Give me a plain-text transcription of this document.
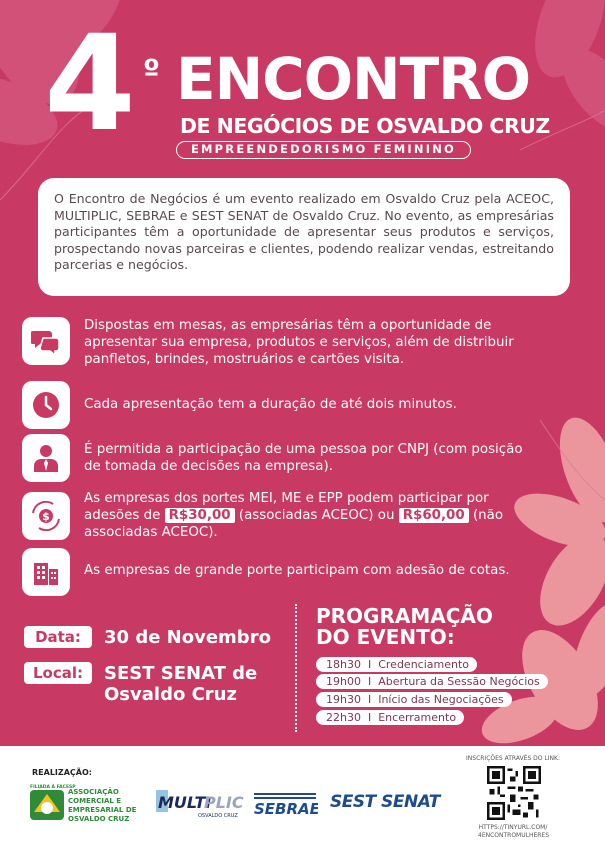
4 º ENCONTRO
DE NEGÓCIOS DE OSVALDO CRUZ
EMPREENDEDORISMO FEMININO
O Encontro de Negócios é um evento realizado em Osvaldo Cruz pela ACEOC, MULTIPLIC, SEBRAE e SEST SENAT de Osvaldo Cruz. No evento, as empresárias participantes têm a oportunidade de apresentar seus produtos e serviços, prospectando novas parceiras e clientes, podendo realizar vendas, estreitando parcerias e negócios.
Dispostas em mesas, as empresárias têm a oportunidade de apresentar sua empresa, produtos e serviços, além de distribuir panfletos, brindes, mostruários e cartões visita.
Cada apresentação tem a duração de até dois minutos.
É permitida a participação de uma pessoa por CNPJ (com posição de tomada de decisões na empresa).
$
As empresas dos portes MEI, ME e EPP podem participar por adesões de R$30,00 (associadas ACEOC) ou R$60,00 (não associadas ACEOC).
As empresas de grande porte participam com adesão de cotas.
Data:	30 de Novembro
Local:	SEST SENAT de
Osvaldo Cruz
PROGRAMAÇÃO
DO EVENTO:
18h30 I Credenciamento
19h00 I Abertura da Sessão Negócios
19h30 I Início das Negociações
22h30 I Encerramento
REALIZAÇÃO:
FILIADA À FACESP
ASSOCIAÇÃO
COMERCIAL E
EMPRESARIAL DE
OSVALDO CRUZ
MULTI
PLIC
OSVALDO CRUZ SEBRAE SEST SENAT
INSCRIÇÕES ATRAVÉS DO LINK:
HTTPS://TINYURL.COM/
4ENCONTROMULHERES
